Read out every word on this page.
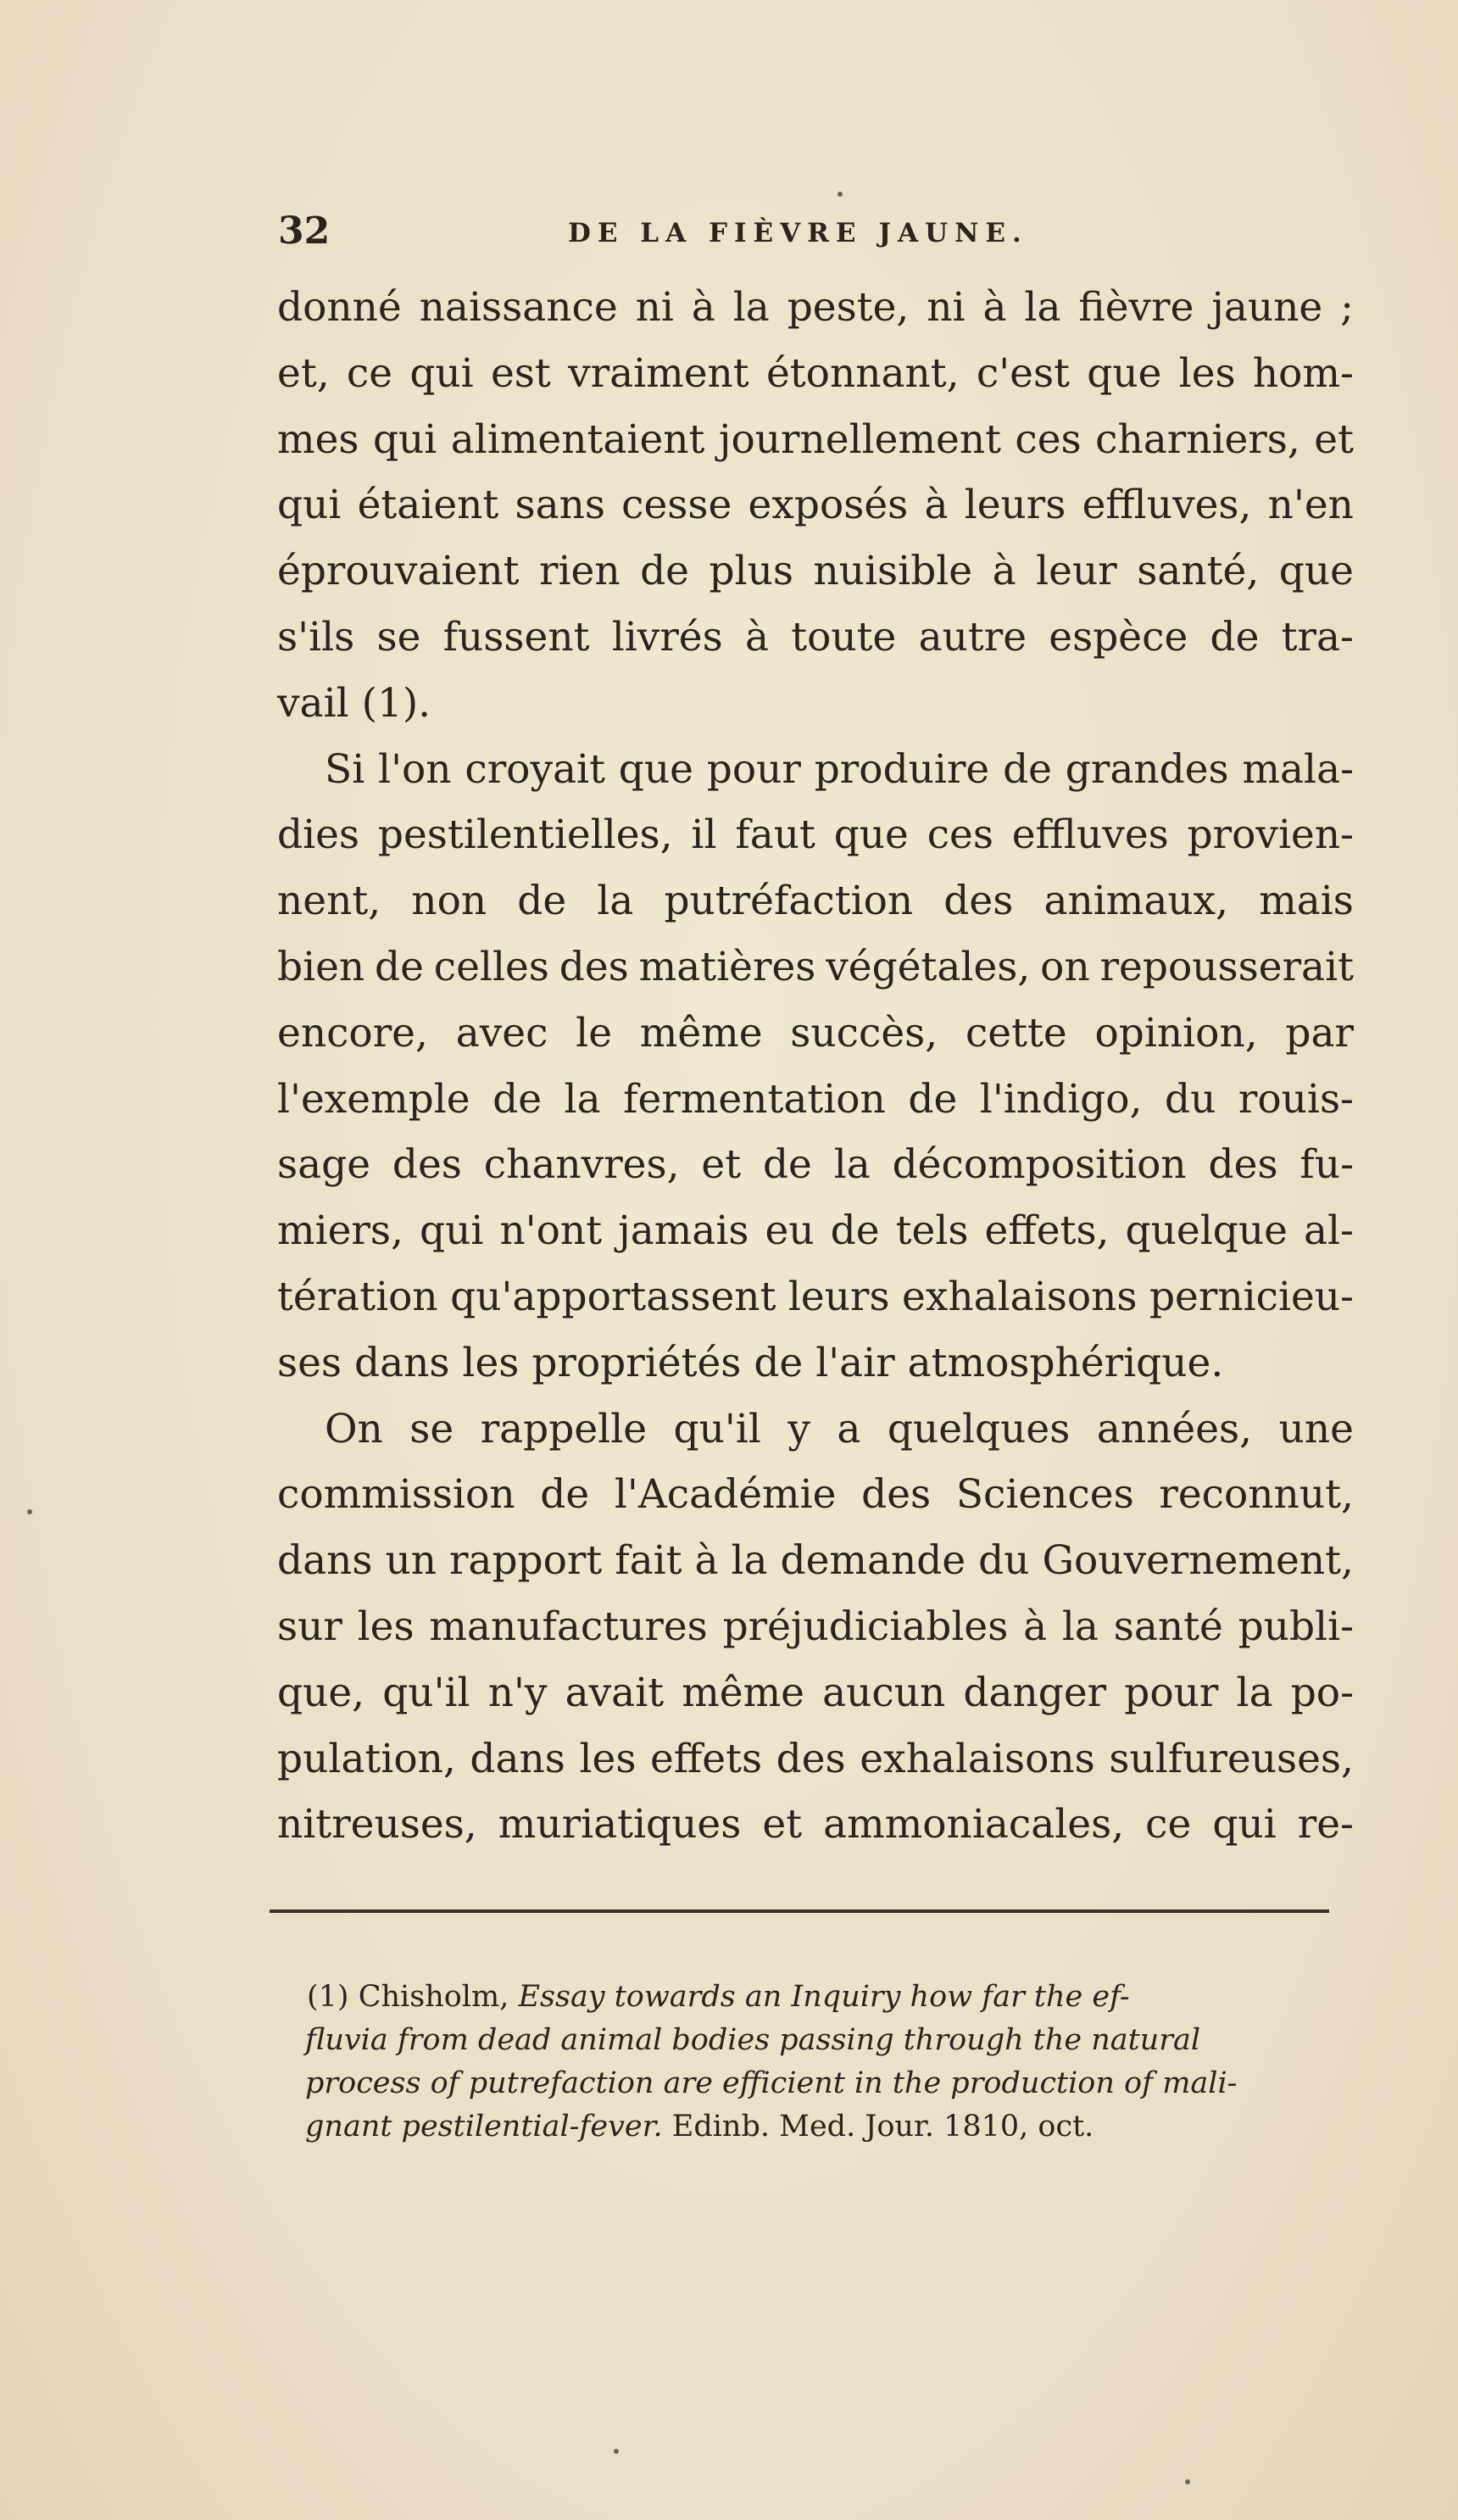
32	DE LA FIÈVRE JAUNE.
donné naissance ni à la peste, ni à la fièvre jaune ;
et, ce qui est vraiment étonnant, c'est que les hom-
mes qui alimentaient journellement ces charniers, et
qui étaient sans cesse exposés à leurs effluves, n'en
éprouvaient rien de plus nuisible à leur santé, que
s'ils se fussent livrés à toute autre espèce de tra-
vail (1).
Si l'on croyait que pour produire de grandes mala-
dies pestilentielles, il faut que ces effluves provien-
nent, non de la putréfaction des animaux, mais
bien de celles des matières végétales, on repousserait
encore, avec le même succès, cette opinion, par
l'exemple de la fermentation de l'indigo, du rouis-
sage des chanvres, et de la décomposition des fu-
miers, qui n'ont jamais eu de tels effets, quelque al-
tération qu'apportassent leurs exhalaisons pernicieu-
ses dans les propriétés de l'air atmosphérique.
On se rappelle qu'il y a quelques années, une
commission de l'Académie des Sciences reconnut,
dans un rapport fait à la demande du Gouvernement,
sur les manufactures préjudiciables à la santé publi-
que, qu'il n'y avait même aucun danger pour la po-
pulation, dans les effets des exhalaisons sulfureuses,
nitreuses, muriatiques et ammoniacales, ce qui re-
(1) Chisholm, Essay towards an Inquiry how far the ef-
fluvia from dead animal bodies passing through the natural
process of putrefaction are efficient in the production of mali-
gnant pestilential-fever. Edinb. Med. Jour. 1810, oct.
